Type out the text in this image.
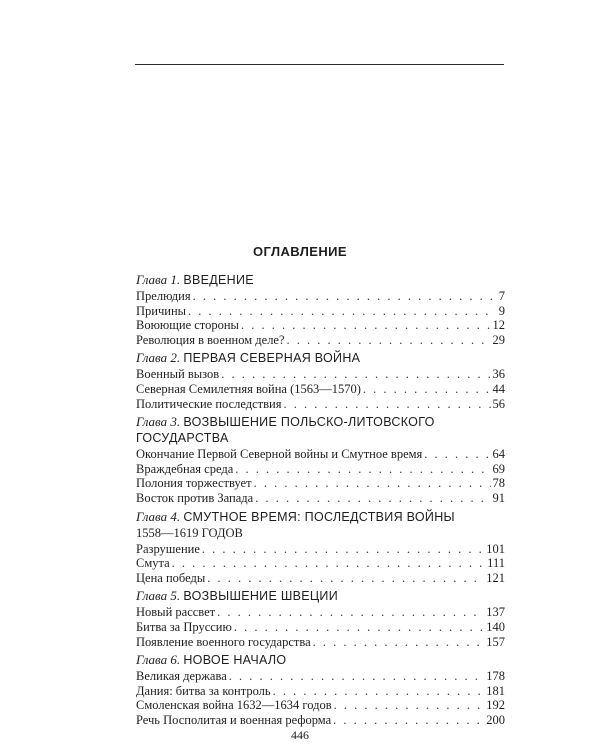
ОГЛАВЛЕНИЕ
Глава 1. ВВЕДЕНИЕ
Прелюдия . . .	7
Причины . . .	9
Воюющие стороны . . .	12
Революция в военном деле? . . .	29
Глава 2. ПЕРВАЯ СЕВЕРНАЯ ВОЙНА
Военный вызов . . .	36
Северная Семилетняя война (1563—1570) . . .	44
Политические последствия . . .	56
Глава 3. ВОЗВЫШЕНИЕ ПОЛЬСКО-ЛИТОВСКОГО
ГОСУДАРСТВА
Окончание Первой Северной войны и Смутное время . . .	64
Враждебная среда . . .	69
Полония торжествует . . .	78
Восток против Запада . . .	91
Глава 4. СМУТНОЕ ВРЕМЯ: ПОСЛЕДСТВИЯ ВОЙНЫ
1558—1619 ГОДОВ
Разрушение . . .	101
Смута . . .	111
Цена победы . . .	121
Глава 5. ВОЗВЫШЕНИЕ ШВЕЦИИ
Новый рассвет . . .	137
Битва за Пруссию . . .	140
Появление военного государства . . .	157
Глава 6. НОВОЕ НАЧАЛО
Великая держава . . .	178
Дания: битва за контроль . . .	181
Смоленская война 1632—1634 годов . . .	192
Речь Посполитая и военная реформа . . .	200
446
